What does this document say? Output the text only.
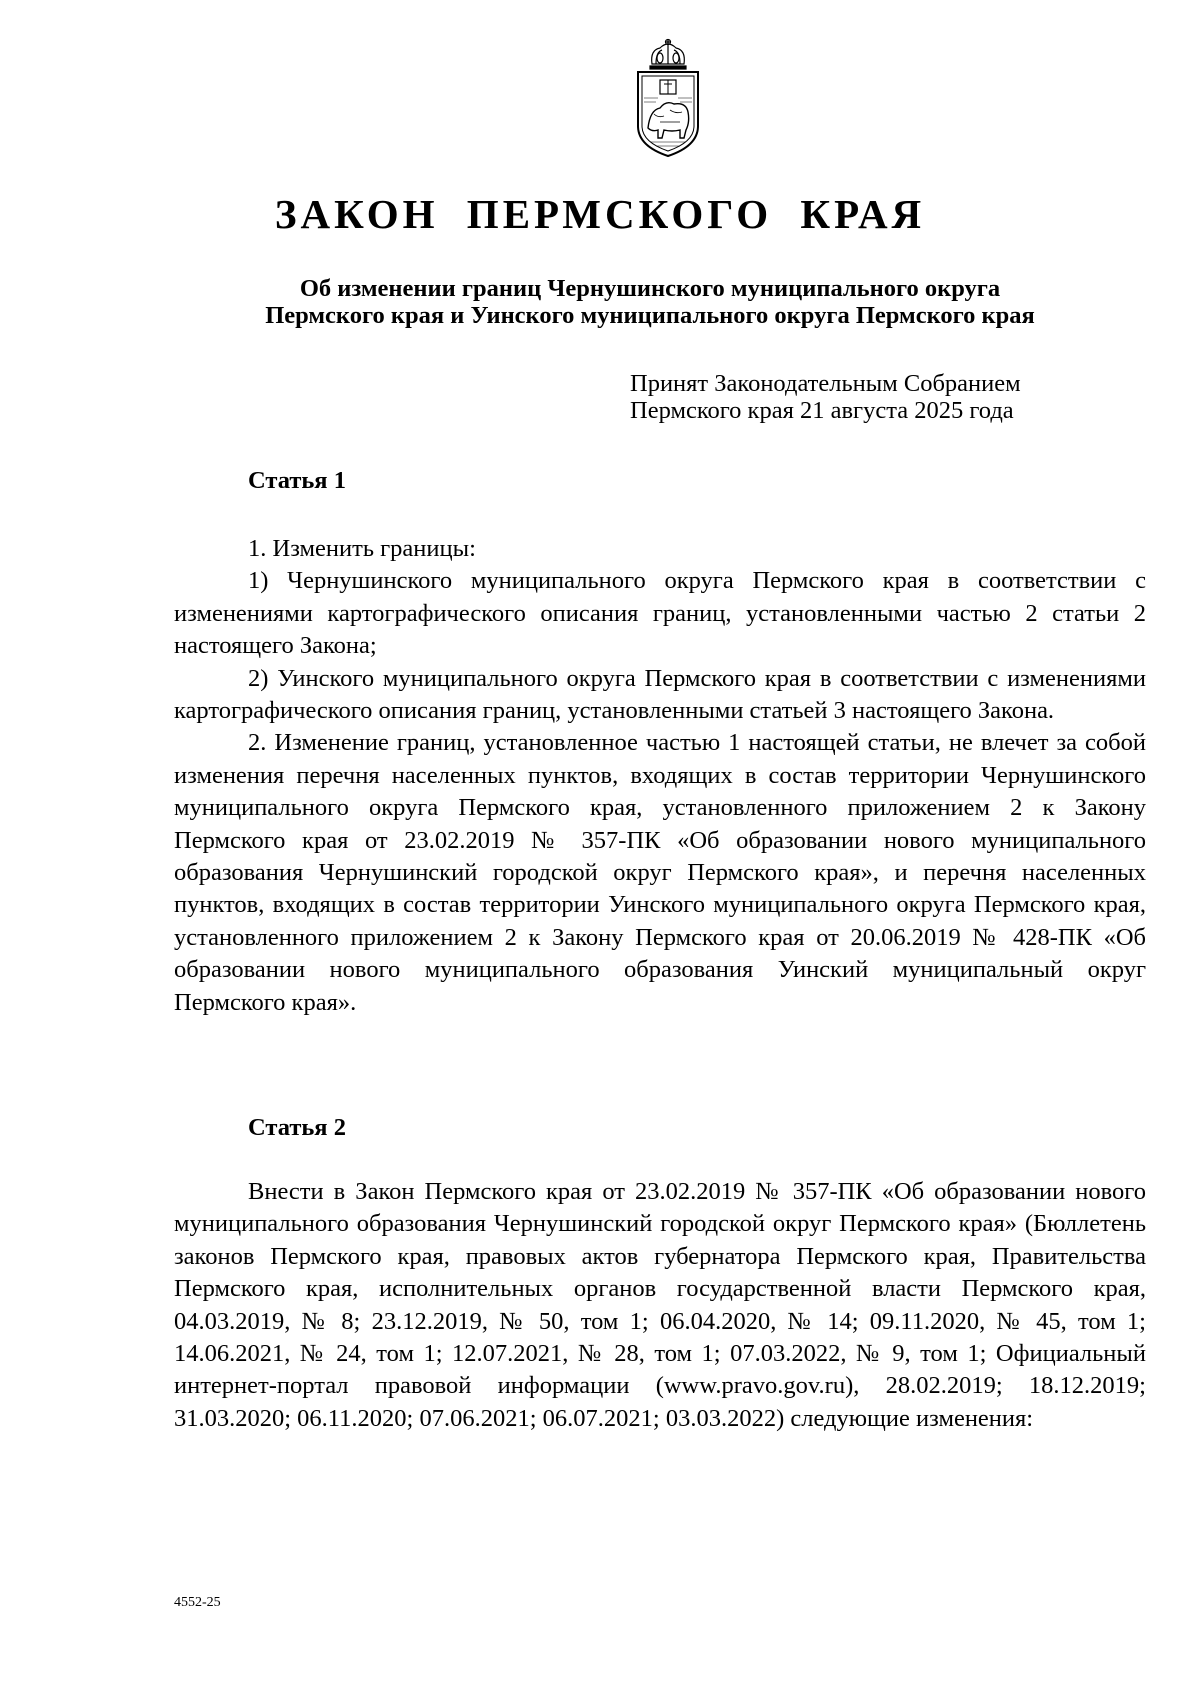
ЗАКОН ПЕРМСКОГО КРАЯ
Об изменении границ Чернушинского муниципального округа
Пермского края и Уинского муниципального округа Пермского края
Принят Законодательным Собранием
Пермского края 21 августа 2025 года
Статья 1

1. Изменить границы:

1) Чернушинского муниципального округа Пермского края в соответствии с изменениями картографического описания границ, установленными частью 2 статьи 2 настоящего Закона;

2) Уинского муниципального округа Пермского края в соответствии с изменениями картографического описания границ, установленными статьей 3 настоящего Закона.

2. Изменение границ, установленное частью 1 настоящей статьи, не влечет за собой изменения перечня населенных пунктов, входящих в состав территории Чернушинского муниципального округа Пермского края, установленного приложением 2 к Закону Пермского края от 23.02.2019 № 357-ПК «Об образовании нового муниципального образования Чернушинский городской округ Пермского края», и перечня населенных пунктов, входящих в состав территории Уинского муниципального округа Пермского края, установленного приложением 2 к Закону Пермского края от 20.06.2019 № 428-ПК «Об образовании нового муниципального образования Уинский муниципальный округ Пермского края».

Статья 2

Внести в Закон Пермского края от 23.02.2019 № 357-ПК «Об образовании нового муниципального образования Чернушинский городской округ Пермского края» (Бюллетень законов Пермского края, правовых актов губернатора Пермского края, Правительства Пермского края, исполнительных органов государственной власти Пермского края, 04.03.2019, № 8; 23.12.2019, № 50, том 1; 06.04.2020, № 14; 09.11.2020, № 45, том 1; 14.06.2021, № 24, том 1; 12.07.2021, № 28, том 1; 07.03.2022, № 9, том 1; Официальный интернет-портал правовой информации (www.pravo.gov.ru), 28.02.2019; 18.12.2019; 31.03.2020; 06.11.2020; 07.06.2021; 06.07.2021; 03.03.2022) следующие изменения:

4552-25
